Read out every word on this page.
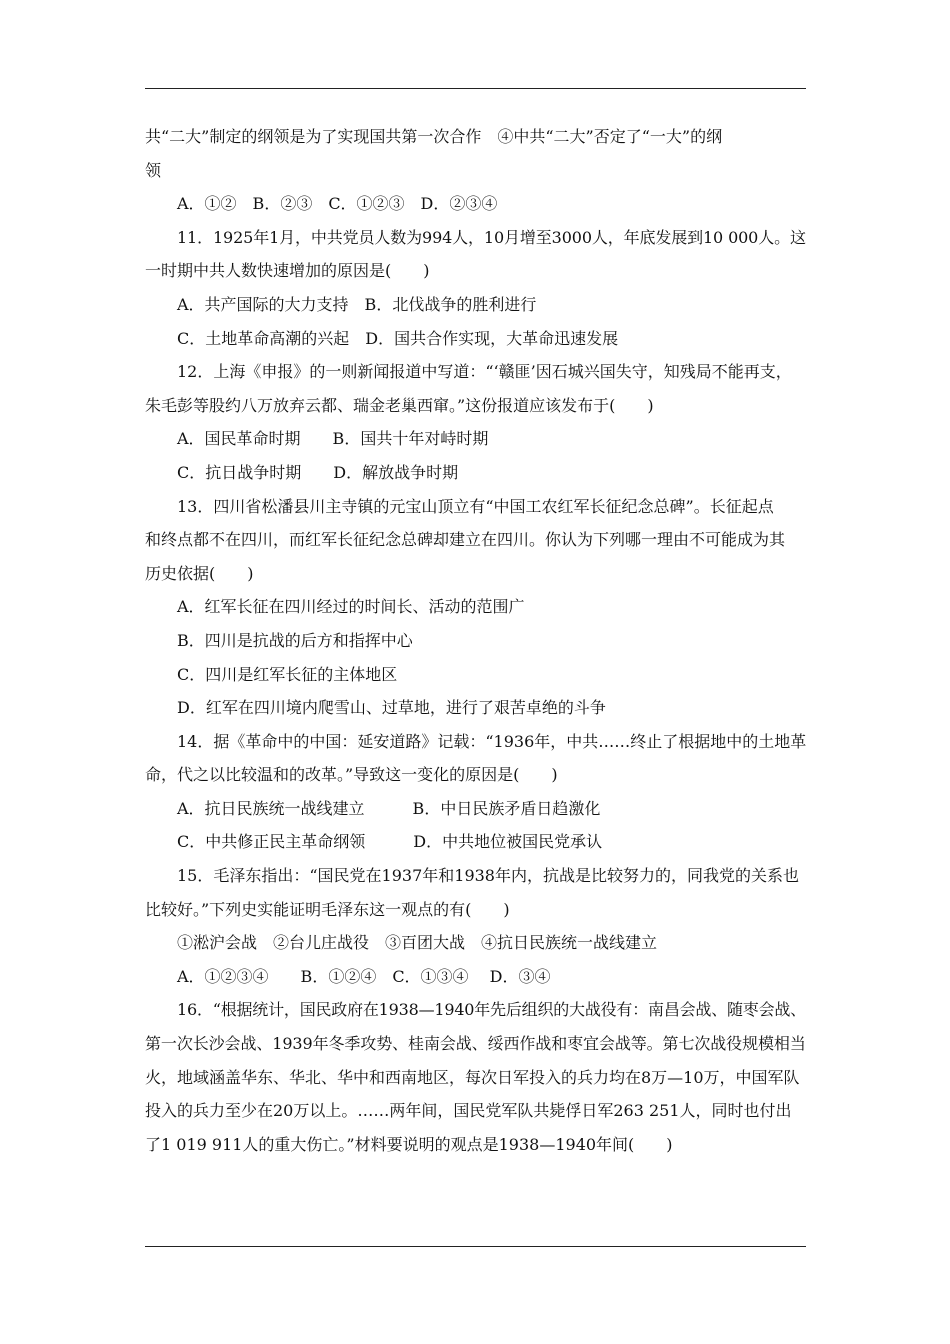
共“二大”制定的纲领是为了实现国共第一次合作　④中共“二大”否定了“一大”的纲
领
A．①②　B．②③　C．①②③　D．②③④
11．1925年1月，中共党员人数为994人，10月增至3000人，年底发展到10 000人。这
一时期中共人数快速增加的原因是(　　)
A．共产国际的大力支持　B．北伐战争的胜利进行
C．土地革命高潮的兴起　D．国共合作实现，大革命迅速发展
12．上海《申报》的一则新闻报道中写道：“‘赣匪’因石城兴国失守，知残局不能再支，
朱毛彭等股约八万放弃云都、瑞金老巢西窜。”这份报道应该发布于(　　)
A．国民革命时期　　B．国共十年对峙时期
C．抗日战争时期　　D．解放战争时期
13．四川省松潘县川主寺镇的元宝山顶立有“中国工农红军长征纪念总碑”。长征起点
和终点都不在四川，而红军长征纪念总碑却建立在四川。你认为下列哪一理由不可能成为其
历史依据(　　)
A．红军长征在四川经过的时间长、活动的范围广
B．四川是抗战的后方和指挥中心
C．四川是红军长征的主体地区
D．红军在四川境内爬雪山、过草地，进行了艰苦卓绝的斗争
14．据《革命中的中国：延安道路》记载：“1936年，中共……终止了根据地中的土地革
命，代之以比较温和的改革。”导致这一变化的原因是(　　)
A．抗日民族统一战线建立　　　B．中日民族矛盾日趋激化
C．中共修正民主革命纲领　　　D．中共地位被国民党承认
15．毛泽东指出：“国民党在1937年和1938年内，抗战是比较努力的，同我党的关系也
比较好。”下列史实能证明毛泽东这一观点的有(　　)
①淞沪会战　②台儿庄战役　③百团大战　④抗日民族统一战线建立
A．①②③④　　B．①②④　C．①③④　 D．③④
16．“根据统计，国民政府在1938—1940年先后组织的大战役有：南昌会战、随枣会战、
第一次长沙会战、1939年冬季攻势、桂南会战、绥西作战和枣宜会战等。第七次战役规模相当
火，地域涵盖华东、华北、华中和西南地区，每次日军投入的兵力均在8万—10万，中国军队
投入的兵力至少在20万以上。……两年间，国民党军队共毙俘日军263 251人，同时也付出
了1 019 911人的重大伤亡。”材料要说明的观点是1938—1940年间(　　)
